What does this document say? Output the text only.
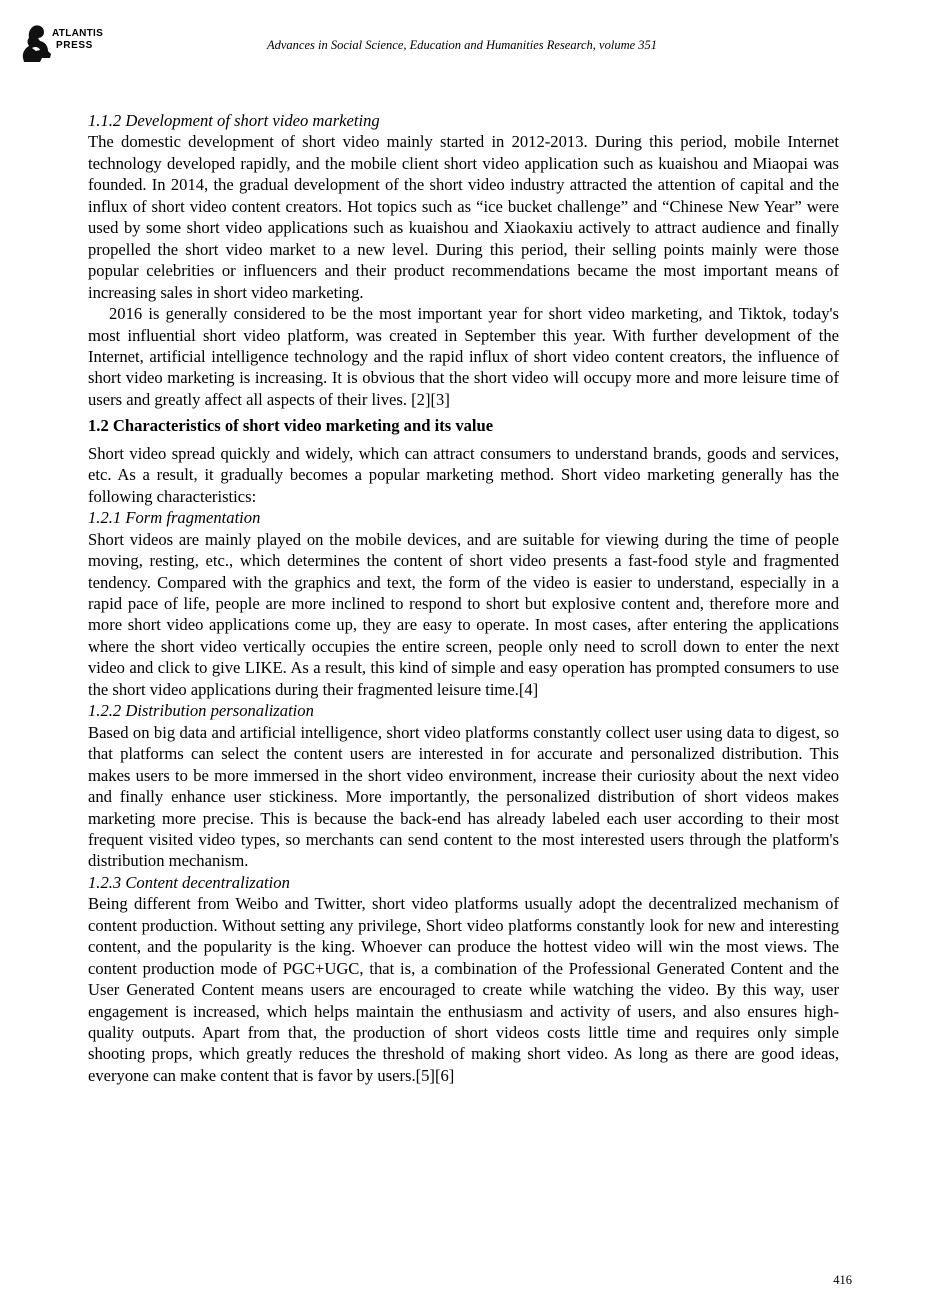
ATLANTIS
PRESS	Advances in Social Science, Education and Humanities Research, volume 351
1.1.2 Development of short video marketing

The domestic development of short video mainly started in 2012-2013. During this period, mobile Internet technology developed rapidly, and the mobile client short video application such as kuaishou and Miaopai was founded. In 2014, the gradual development of the short video industry attracted the attention of capital and the influx of short video content creators. Hot topics such as “ice bucket challenge” and “Chinese New Year” were used by some short video applications such as kuaishou and Xiaokaxiu actively to attract audience and finally propelled the short video market to a new level. During this period, their selling points mainly were those popular celebrities or influencers and their product recommendations became the most important means of increasing sales in short video marketing.

2016 is generally considered to be the most important year for short video marketing, and Tiktok, today's most influential short video platform, was created in September this year. With further development of the Internet, artificial intelligence technology and the rapid influx of short video content creators, the influence of short video marketing is increasing. It is obvious that the short video will occupy more and more leisure time of users and greatly affect all aspects of their lives. [2][3]

1.2 Characteristics of short video marketing and its value

Short video spread quickly and widely, which can attract consumers to understand brands, goods and services, etc. As a result, it gradually becomes a popular marketing method. Short video marketing generally has the following characteristics:

1.2.1 Form fragmentation

Short videos are mainly played on the mobile devices, and are suitable for viewing during the time of people moving, resting, etc., which determines the content of short video presents a fast-food style and fragmented tendency. Compared with the graphics and text, the form of the video is easier to understand, especially in a rapid pace of life, people are more inclined to respond to short but explosive content and, therefore more and more short video applications come up, they are easy to operate. In most cases, after entering the applications where the short video vertically occupies the entire screen, people only need to scroll down to enter the next video and click to give LIKE. As a result, this kind of simple and easy operation has prompted consumers to use the short video applications during their fragmented leisure time.[4]

1.2.2 Distribution personalization

Based on big data and artificial intelligence, short video platforms constantly collect user using data to digest, so that platforms can select the content users are interested in for accurate and personalized distribution. This makes users to be more immersed in the short video environment, increase their curiosity about the next video and finally enhance user stickiness. More importantly, the personalized distribution of short videos makes marketing more precise. This is because the back-end has already labeled each user according to their most frequent visited video types, so merchants can send content to the most interested users through the platform's distribution mechanism.

1.2.3 Content decentralization

Being different from Weibo and Twitter, short video platforms usually adopt the decentralized mechanism of content production. Without setting any privilege, Short video platforms constantly look for new and interesting content, and the popularity is the king. Whoever can produce the hottest video will win the most views. The content production mode of PGC+UGC, that is, a combination of the Professional Generated Content and the User Generated Content means users are encouraged to create while watching the video. By this way, user engagement is increased, which helps maintain the enthusiasm and activity of users, and also ensures high-quality outputs. Apart from that, the production of short videos costs little time and requires only simple shooting props, which greatly reduces the threshold of making short video. As long as there are good ideas, everyone can make content that is favor by users.[5][6]

416
